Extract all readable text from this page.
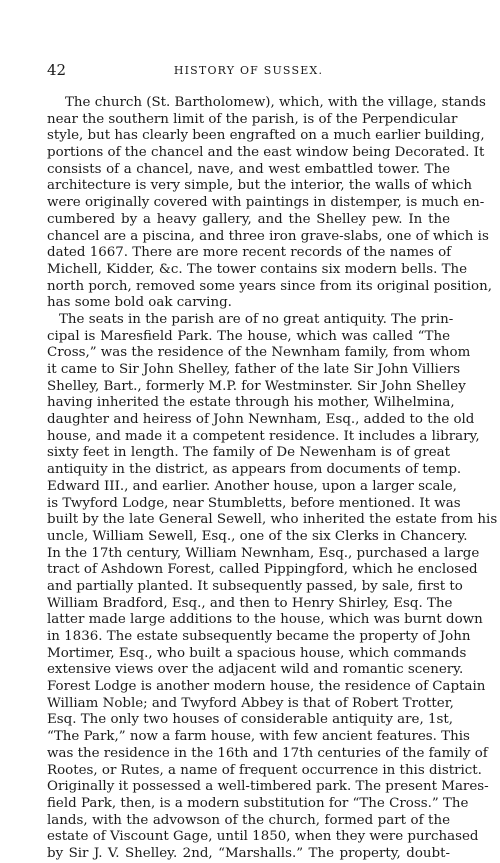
42	HISTORY OF SUSSEX.
The church (St. Bartholomew), which, with the village, stands
near the southern limit of the parish, is of the Perpendicular
style, but has clearly been engrafted on a much earlier building,
portions of the chancel and the east window being Decorated. It
consists of a chancel, nave, and west embattled tower. The
architecture is very simple, but the interior, the walls of which
were originally covered with paintings in distemper, is much en-
cumbered by a heavy gallery, and the Shelley pew. In the
chancel are a piscina, and three iron grave-slabs, one of which is
dated 1667. There are more recent records of the names of
Michell, Kidder, &c. The tower contains six modern bells. The
north porch, removed some years since from its original position,
has some bold oak carving.
The seats in the parish are of no great antiquity. The prin-
cipal is Maresfield Park. The house, which was called “The
Cross,” was the residence of the Newnham family, from whom
it came to Sir John Shelley, father of the late Sir John Villiers
Shelley, Bart., formerly M.P. for Westminster. Sir John Shelley
having inherited the estate through his mother, Wilhelmina,
daughter and heiress of John Newnham, Esq., added to the old
house, and made it a competent residence. It includes a library,
sixty feet in length. The family of De Newenham is of great
antiquity in the district, as appears from documents of temp.
Edward III., and earlier. Another house, upon a larger scale,
is Twyford Lodge, near Stumbletts, before mentioned. It was
built by the late General Sewell, who inherited the estate from his
uncle, William Sewell, Esq., one of the six Clerks in Chancery.
In the 17th century, William Newnham, Esq., purchased a large
tract of Ashdown Forest, called Pippingford, which he enclosed
and partially planted. It subsequently passed, by sale, first to
William Bradford, Esq., and then to Henry Shirley, Esq. The
latter made large additions to the house, which was burnt down
in 1836. The estate subsequently became the property of John
Mortimer, Esq., who built a spacious house, which commands
extensive views over the adjacent wild and romantic scenery.
Forest Lodge is another modern house, the residence of Captain
William Noble; and Twyford Abbey is that of Robert Trotter,
Esq. The only two houses of considerable antiquity are, 1st,
“The Park,” now a farm house, with few ancient features. This
was the residence in the 16th and 17th centuries of the family of
Rootes, or Rutes, a name of frequent occurrence in this district.
Originally it possessed a well-timbered park. The present Mares-
field Park, then, is a modern substitution for “The Cross.” The
lands, with the advowson of the church, formed part of the
estate of Viscount Gage, until 1850, when they were purchased
by Sir J. V. Shelley. 2nd, “Marshalls.” The property, doubt-
